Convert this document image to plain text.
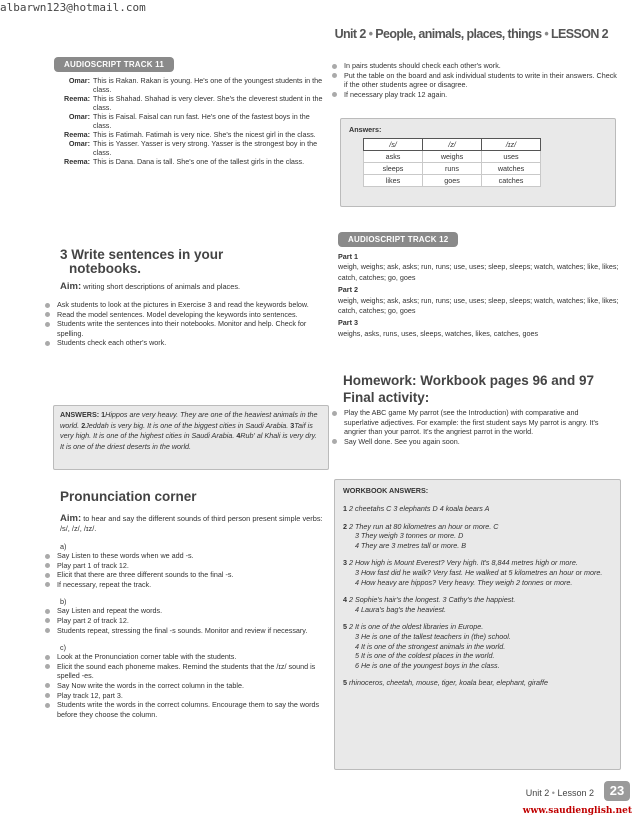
albarwn123@hotmail.com
Unit 2 • People, animals, places, things • LESSON 2
AUDIOSCRIPT TRACK 11
Omar: This is Rakan. Rakan is young. He's one of the youngest students in the class.
Reema: This is Shahad. Shahad is very clever. She's the cleverest student in the class.
Omar: This is Faisal. Faisal can run fast. He's one of the fastest boys in the class.
Reema: This is Fatimah. Fatimah is very nice. She's the nicest girl in the class.
Omar: This is Yasser. Yasser is very strong. Yasser is the strongest boy in the class.
Reema: This is Dana. Dana is tall. She's one of the tallest girls in the class.
3 Write sentences in your
notebooks.
Aim: writing short descriptions of animals and places.
Ask students to look at the pictures in Exercise 3 and read the keywords below.
Read the model sentences. Model developing the keywords into sentences.
Students write the sentences into their notebooks. Monitor and help. Check for spelling.
Students check each other's work.
ANSWERS: 1Hippos are very heavy. They are one of the heaviest animals in the world. 2Jeddah is very big. It is one of the biggest cities in Saudi Arabia. 3Taif is very high. It is one of the highest cities in Saudi Arabia. 4Rub' al Khali is very dry. It is one of the driest deserts in the world.
Pronunciation corner
Aim: to hear and say the different sounds of third person present simple verbs: /s/, /z/, /ɪz/.
a)
Say Listen to these words when we add -s.
Play part 1 of track 12.
Elicit that there are three different sounds to the final -s.
If necessary, repeat the track.
b)
Say Listen and repeat the words.
Play part 2 of track 12.
Students repeat, stressing the final -s sounds. Monitor and review if necessary.
c)
Look at the Pronunciation corner table with the students.
Elicit the sound each phoneme makes. Remind the students that the /ɪz/ sound is spelled -es.
Say Now write the words in the correct column in the table.
Play track 12, part 3.
Students write the words in the correct columns. Encourage them to say the words before they choose the column.
In pairs students should check each other's work.
Put the table on the board and ask individual students to write in their answers. Check if the other students agree or disagree.
If necessary play track 12 again.
Answers:
/s/	/z/	/ɪz/
asks	weighs	uses
sleeps	runs	watches
likes	goes	catches
AUDIOSCRIPT TRACK 12
Part 1
weigh, weighs; ask, asks; run, runs; use, uses; sleep, sleeps; watch, watches; like, likes; catch, catches; go, goes
Part 2
weigh, weighs; ask, asks; run, runs; use, uses; sleep, sleeps; watch, watches; like, likes; catch, catches; go, goes
Part 3
weighs, asks, runs, uses, sleeps, watches, likes, catches, goes
Homework: Workbook pages 96 and 97
Final activity:
Play the ABC game My parrot (see the Introduction) with comparative and superlative adjectives. For example: the first student says My parrot is angry. It's angrier than your parrot. It's the angriest parrot in the world.
Say Well done. See you again soon.
WORKBOOK ANSWERS:
1 2 cheetahs C 3 elephants D 4 koala bears A
2 2 They run at 80 kilometres an hour or more. C
3 They weigh 3 tonnes or more. D
4 They are 3 metres tall or more. B
3 2 How high is Mount Everest? Very high. It's 8,844 metres high or more.
3 How fast did he walk? Very fast. He walked at 5 kilometres an hour or more.
4 How heavy are hippos? Very heavy. They weigh 2 tonnes or more.
4 2 Sophie's hair's the longest. 3 Cathy's the happiest.
4 Laura's bag's the heaviest.
5 2 It is one of the oldest libraries in Europe.
3 He is one of the tallest teachers in (the) school.
4 It is one of the strongest animals in the world.
5 It is one of the coldest places in the world.
6 He is one of the youngest boys in the class.
5 rhinoceros, cheetah, mouse, tiger, koala bear, elephant, giraffe
Unit 2 • Lesson 2	23
www.saudienglish.net
